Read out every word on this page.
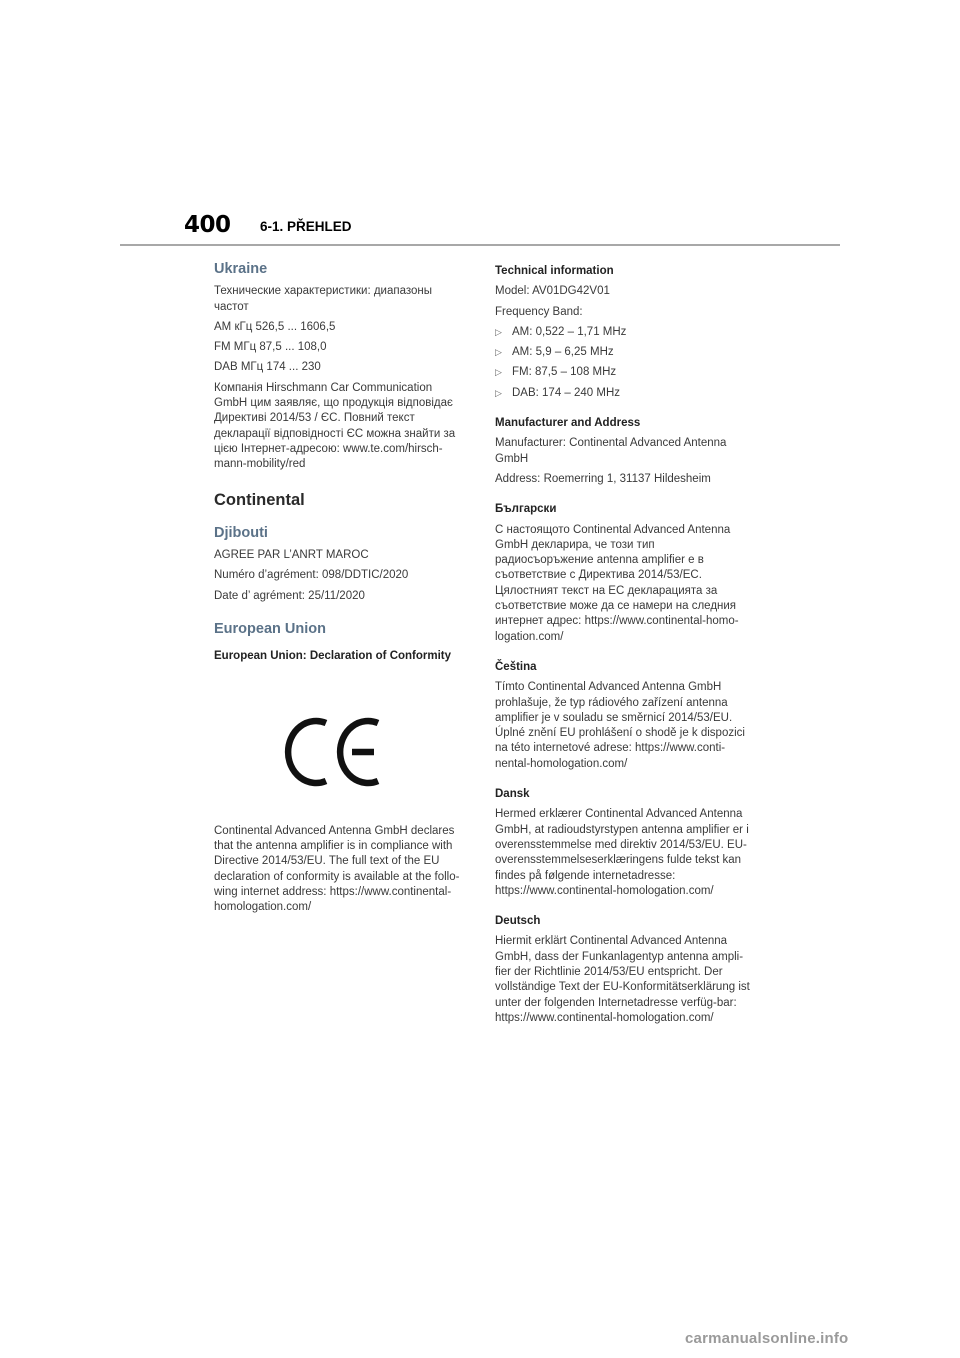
400 6-1. PŘEHLED

Ukraine

Технические характеристики: диапазоны частот

AM кГц 526,5 ... 1606,5

FM МГц 87,5 ... 108,0

DAB МГц 174 ... 230

Компанія Hirschmann Car Communication GmbH цим заявляє, що продукція відповідає Директиві 2014/53 / ЄС. Повний текст декларації відповідності ЄС можна знайти за цією Інтернет-адресою: www.te.com/hirsch-mann-mobility/red

Continental

Djibouti

AGREE PAR L’ANRT MAROC

Numéro d’agrément: 098/DDTIC/2020

Date d’ agrément: 25/11/2020

European Union

European Union: Declaration of Conformity

Continental Advanced Antenna GmbH declares that the antenna amplifier is in compliance with Directive 2014/53/EU. The full text of the EU declaration of conformity is available at the follo-wing internet address: https://www.continental-homologation.com/

Technical information

Model: AV01DG42V01

Frequency Band:

▷ AM: 0,522 – 1,71 MHz

▷ AM: 5,9 – 6,25 MHz

▷ FM: 87,5 – 108 MHz

▷ DAB: 174 – 240 MHz

Manufacturer and Address

Manufacturer: Continental Advanced Antenna GmbH

Address: Roemerring 1, 31137 Hildesheim

Български

С настоящото Continental Advanced Antenna GmbH декларира, че този тип радиосъоръжение antenna amplifier е в съответствие с Директива 2014/53/ЕС. Цялостният текст на ЕС декларацията за съответствие може да се намери на следния интернет адрес: https://www.continental-homo-logation.com/

Čeština

Tímto Continental Advanced Antenna GmbH prohlašuje, že typ rádiového zařízení antenna amplifier je v souladu se směrnicí 2014/53/EU. Úplné znění EU prohlášení o shodě je k dispozici na této internetové adrese: https://www.conti-nental-homologation.com/

Dansk

Hermed erklærer Continental Advanced Antenna GmbH, at radioudstyrstypen antenna amplifier er i overensstemmelse med direktiv 2014/53/EU. EU-overensstemmelseserklæringens fulde tekst kan findes på følgende internetadresse: https://www.continental-homologation.com/

Deutsch

Hiermit erklärt Continental Advanced Antenna GmbH, dass der Funkanlagentyp antenna ampli-fier der Richtlinie 2014/53/EU entspricht. Der vollständige Text der EU-Konformitätserklärung ist unter der folgenden Internetadresse verfüg-bar: https://www.continental-homologation.com/

carmanualsonline.info
